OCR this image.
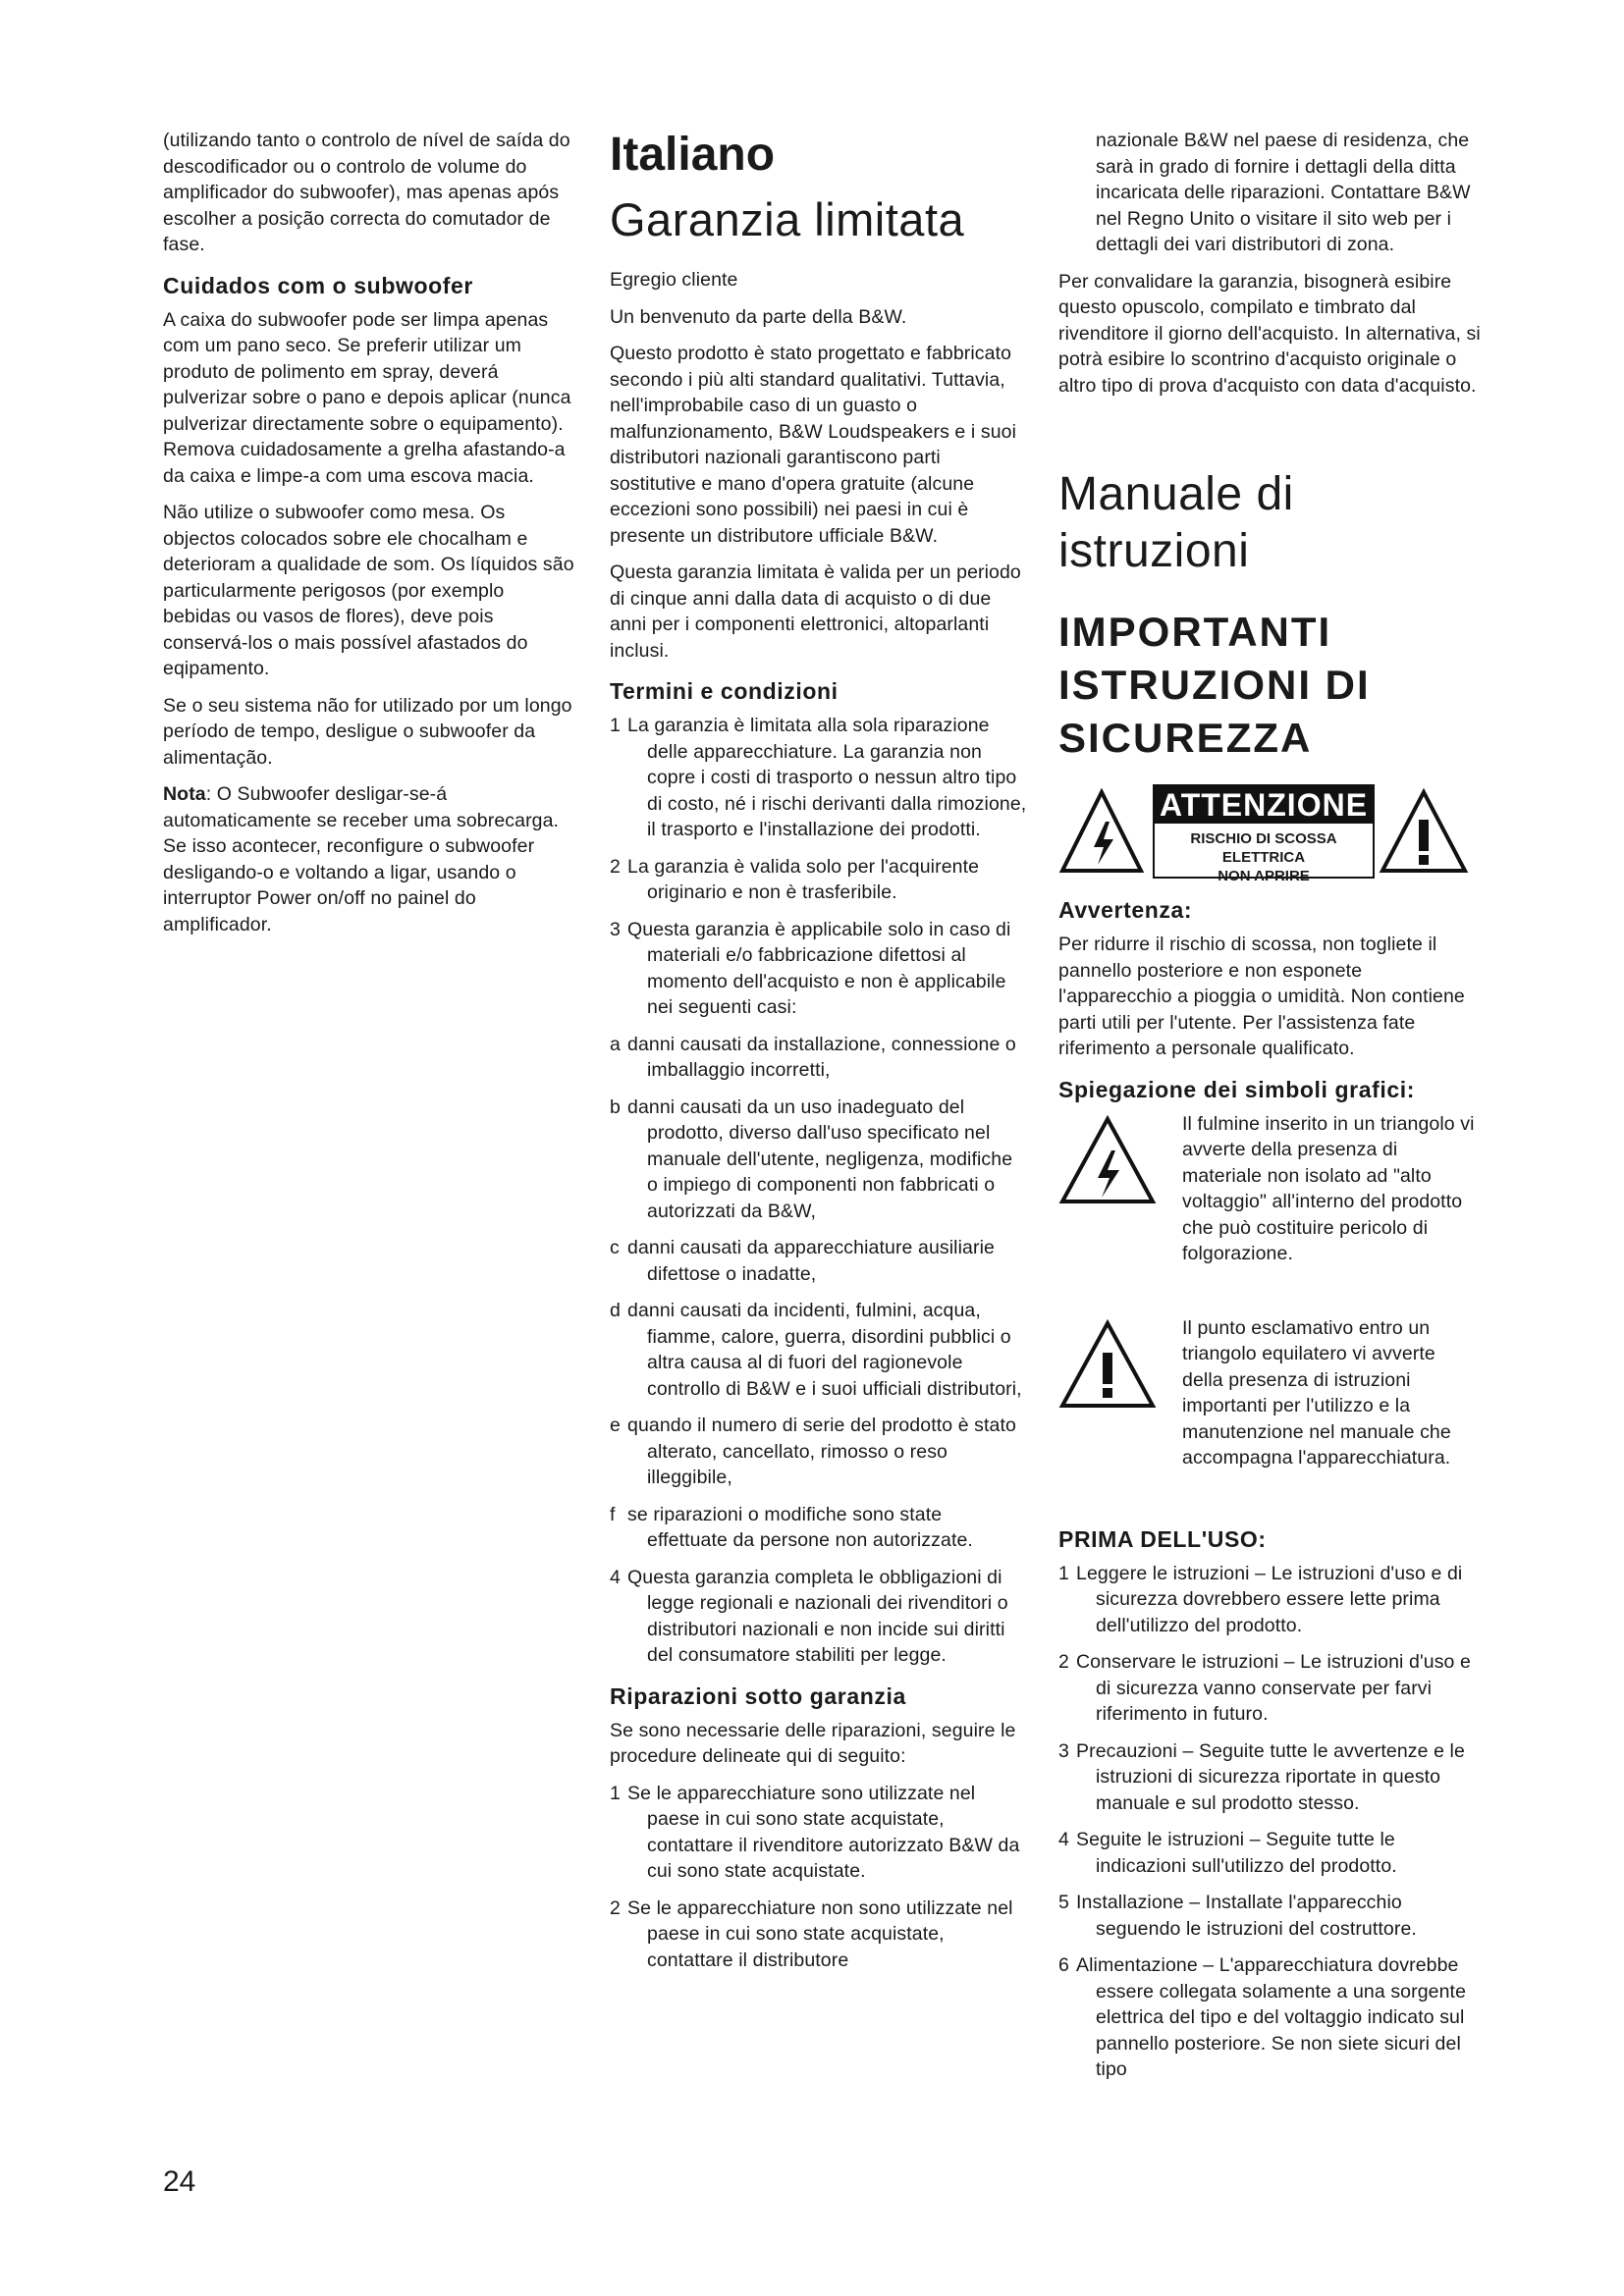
(utilizando tanto o controlo de nível de saída do descodificador ou o controlo de volume do amplificador do subwoofer), mas apenas após escolher a posição correcta do comutador de fase.

Cuidados com o subwoofer

A caixa do subwoofer pode ser limpa apenas com um pano seco. Se preferir utilizar um produto de polimento em spray, deverá pulverizar sobre o pano e depois aplicar (nunca pulverizar directamente sobre o equipamento). Remova cuidadosamente a grelha afastando-a da caixa e limpe-a com uma escova macia.

Não utilize o subwoofer como mesa. Os objectos colocados sobre ele chocalham e deterioram a qualidade de som. Os líquidos são particularmente perigosos (por exemplo bebidas ou vasos de flores), deve pois conservá-los o mais possível afastados do eqipamento.

Se o seu sistema não for utilizado por um longo período de tempo, desligue o subwoofer da alimentação.

Nota: O Subwoofer desligar-se-á automaticamente se receber uma sobrecarga. Se isso acontecer, reconfigure o subwoofer desligando-o e voltando a ligar, usando o interruptor Power on/off no painel do amplificador.

Italiano
Garanzia limitata

Egregio cliente

Un benvenuto da parte della B&W.

Questo prodotto è stato progettato e fabbricato secondo i più alti standard qualitativi. Tuttavia, nell'improbabile caso di un guasto o malfunzionamento, B&W Loudspeakers e i suoi distributori nazionali garantiscono parti sostitutive e mano d'opera gratuite (alcune eccezioni sono possibili) nei paesi in cui è presente un distributore ufficiale B&W.

Questa garanzia limitata è valida per un periodo di cinque anni dalla data di acquisto o di due anni per i componenti elettronici, altoparlanti inclusi.

Termini e condizioni

1 La garanzia è limitata alla sola riparazione delle apparecchiature. La garanzia non copre i costi di trasporto o nessun altro tipo di costo, né i rischi derivanti dalla rimozione, il trasporto e l'installazione dei prodotti.

2 La garanzia è valida solo per l'acquirente originario e non è trasferibile.

3 Questa garanzia è applicabile solo in caso di materiali e/o fabbricazione difettosi al momento dell'acquisto e non è applicabile nei seguenti casi:

a danni causati da installazione, connessione o imballaggio incorretti,

b danni causati da un uso inadeguato del prodotto, diverso dall'uso specificato nel manuale dell'utente, negligenza, modifiche o impiego di componenti non fabbricati o autorizzati da B&W,

c danni causati da apparecchiature ausiliarie difettose o inadatte,

d danni causati da incidenti, fulmini, acqua, fiamme, calore, guerra, disordini pubblici o altra causa al di fuori del ragionevole controllo di B&W e i suoi ufficiali distributori,

e quando il numero di serie del prodotto è stato alterato, cancellato, rimosso o reso illeggibile,

f se riparazioni o modifiche sono state effettuate da persone non autorizzate.

4 Questa garanzia completa le obbligazioni di legge regionali e nazionali dei rivenditori o distributori nazionali e non incide sui diritti del consumatore stabiliti per legge.

Riparazioni sotto garanzia

Se sono necessarie delle riparazioni, seguire le procedure delineate qui di seguito:

1 Se le apparecchiature sono utilizzate nel paese in cui sono state acquistate, contattare il rivenditore autorizzato B&W da cui sono state acquistate.

2 Se le apparecchiature non sono utilizzate nel paese in cui sono state acquistate, contattare il distributore

nazionale B&W nel paese di residenza, che sarà in grado di fornire i dettagli della ditta incaricata delle riparazioni. Contattare B&W nel Regno Unito o visitare il sito web per i dettagli dei vari distributori di zona.

Per convalidare la garanzia, bisognerà esibire questo opuscolo, compilato e timbrato dal rivenditore il giorno dell'acquisto. In alternativa, si potrà esibire lo scontrino d'acquisto originale o altro tipo di prova d'acquisto con data d'acquisto.

Manuale di istruzioni
IMPORTANTI
ISTRUZIONI DI
SICUREZZA
ATTENZIONE
RISCHIO DI SCOSSA ELETTRICA
NON APRIRE
Avvertenza:

Per ridurre il rischio di scossa, non togliete il pannello posteriore e non esponete l'apparecchio a pioggia o umidità. Non contiene parti utili per l'utente. Per l'assistenza fate riferimento a personale qualificato.

Spiegazione dei simboli grafici:

Il fulmine inserito in un triangolo vi avverte della presenza di materiale non isolato ad "alto voltaggio" all'interno del prodotto che può costituire pericolo di folgorazione.

Il punto esclamativo entro un triangolo equilatero vi avverte della presenza di istruzioni importanti per l'utilizzo e la manutenzione nel manuale che accompagna l'apparecchiatura.

PRIMA DELL'USO:

1 Leggere le istruzioni – Le istruzioni d'uso e di sicurezza dovrebbero essere lette prima dell'utilizzo del prodotto.

2 Conservare le istruzioni – Le istruzioni d'uso e di sicurezza vanno conservate per farvi riferimento in futuro.

3 Precauzioni – Seguite tutte le avvertenze e le istruzioni di sicurezza riportate in questo manuale e sul prodotto stesso.

4 Seguite le istruzioni – Seguite tutte le indicazioni sull'utilizzo del prodotto.

5 Installazione – Installate l'apparecchio seguendo le istruzioni del costruttore.

6 Alimentazione – L'apparecchiatura dovrebbe essere collegata solamente a una sorgente elettrica del tipo e del voltaggio indicato sul pannello posteriore. Se non siete sicuri del tipo

24
